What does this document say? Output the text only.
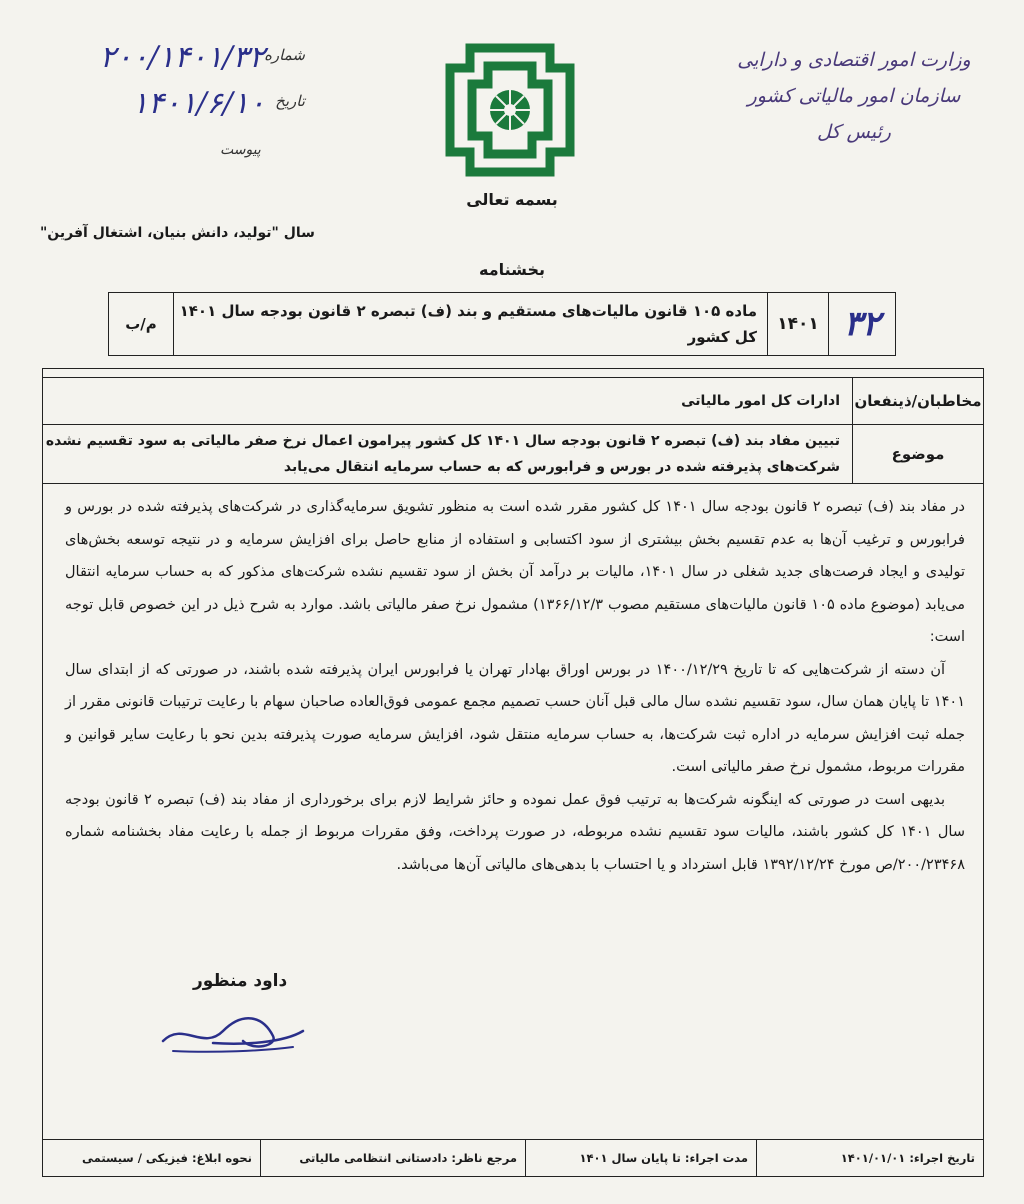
وزارت امور اقتصادی و دارایی
سازمان امور مالیاتی کشور
رئیس کل
شماره
۲۰۰/۱۴۰۱/۳۲
تاریخ
۱۴۰۱/۶/۱۰
پیوست
بسمه تعالی
سال "تولید، دانش بنیان، اشتغال آفرین"
بخشنامه
۳۲
۱۴۰۱
ماده ۱۰۵ قانون مالیات‌های مستقیم و بند (ف) تبصره ۲ قانون بودجه سال ۱۴۰۱ کل کشور
م/ب
مخاطبان/ذینفعان
ادارات کل امور مالیاتی
موضوع
تبیین مفاد بند (ف) تبصره ۲ قانون بودجه سال ۱۴۰۱ کل کشور پیرامون اعمال نرخ صفر مالیاتی به سود تقسیم نشده شرکت‌های پذیرفته شده در بورس و فرابورس که به حساب سرمایه انتقال می‌یابد

در مفاد بند (ف) تبصره ۲ قانون بودجه سال ۱۴۰۱ کل کشور مقرر شده است به منظور تشویق سرمایه‌گذاری در شرکت‌های پذیرفته شده در بورس و فرابورس و ترغیب آن‌ها به عدم تقسیم بخش بیشتری از سود اکتسابی و استفاده از منابع حاصل برای افزایش سرمایه و در نتیجه توسعه بخش‌های تولیدی و ایجاد فرصت‌های جدید شغلی در سال ۱۴۰۱، مالیات بر درآمد آن بخش از سود تقسیم نشده شرکت‌های مذکور که به حساب سرمایه انتقال می‌یابد (موضوع ماده ۱۰۵ قانون مالیات‌های مستقیم مصوب ۱۳۶۶/۱۲/۳) مشمول نرخ صفر مالیاتی باشد. موارد به شرح ذیل در این خصوص قابل توجه است:

آن دسته از شرکت‌هایی که تا تاریخ ۱۴۰۰/۱۲/۲۹ در بورس اوراق بهادار تهران یا فرابورس ایران پذیرفته شده باشند، در صورتی که از ابتدای سال ۱۴۰۱ تا پایان همان سال، سود تقسیم نشده سال مالی قبل آنان حسب تصمیم مجمع عمومی فوق‌العاده صاحبان سهام با رعایت ترتیبات قانونی مقرر از جمله ثبت افزایش سرمایه در اداره ثبت شرکت‌ها، به حساب سرمایه منتقل شود، افزایش سرمایه صورت پذیرفته بدین نحو با رعایت سایر قوانین و مقررات مربوط، مشمول نرخ صفر مالیاتی است.

بدیهی است در صورتی که اینگونه شرکت‌ها به ترتیب فوق عمل نموده و حائز شرایط لازم برای برخورداری از مفاد بند (ف) تبصره ۲ قانون بودجه سال ۱۴۰۱ کل کشور باشند، مالیات سود تقسیم نشده مربوطه، در صورت پرداخت، وفق مقررات مربوط از جمله با رعایت مفاد بخشنامه شماره ۲۰۰/۲۳۴۶۸/ص مورخ ۱۳۹۲/۱۲/۲۴ قابل استرداد و یا احتساب با بدهی‌های مالیاتی آن‌ها می‌باشد.

داود منظور
تاریخ اجراء: ۱۴۰۱/۰۱/۰۱
مدت اجراء: تا پایان سال ۱۴۰۱
مرجع ناظر: دادستانی انتظامی مالیاتی
نحوه ابلاغ: فیزیکی / سیستمی
